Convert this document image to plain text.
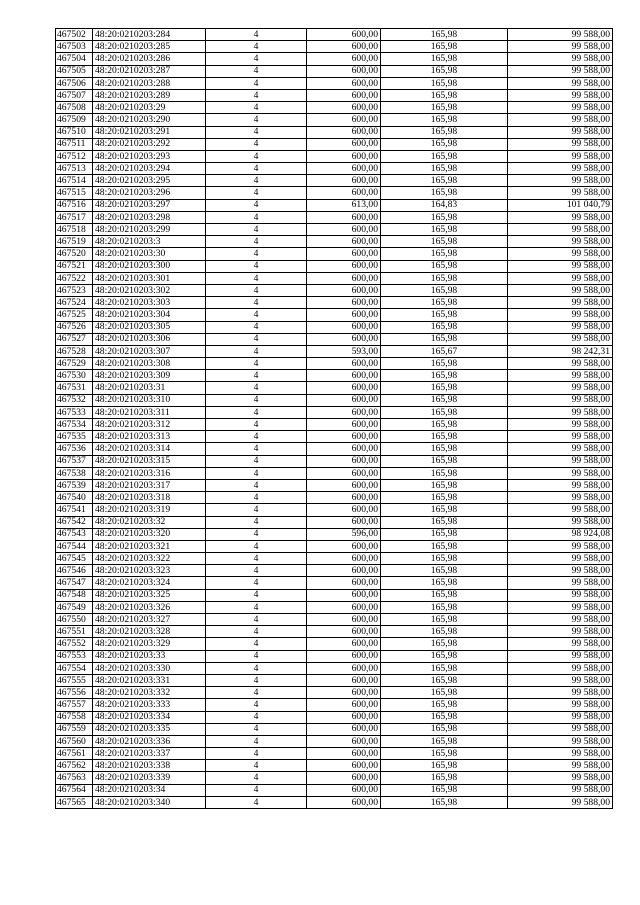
467502	48:20:0210203:284	4	600,00	165,98	99 588,00
467503	48:20:0210203:285	4	600,00	165,98	99 588,00
467504	48:20:0210203:286	4	600,00	165,98	99 588,00
467505	48:20:0210203:287	4	600,00	165,98	99 588,00
467506	48:20:0210203:288	4	600,00	165,98	99 588,00
467507	48:20:0210203:289	4	600,00	165,98	99 588,00
467508	48:20:0210203:29	4	600,00	165,98	99 588,00
467509	48:20:0210203:290	4	600,00	165,98	99 588,00
467510	48:20:0210203:291	4	600,00	165,98	99 588,00
467511	48:20:0210203:292	4	600,00	165,98	99 588,00
467512	48:20:0210203:293	4	600,00	165,98	99 588,00
467513	48:20:0210203:294	4	600,00	165,98	99 588,00
467514	48:20:0210203:295	4	600,00	165,98	99 588,00
467515	48:20:0210203:296	4	600,00	165,98	99 588,00
467516	48:20:0210203:297	4	613,00	164,83	101 040,79
467517	48:20:0210203:298	4	600,00	165,98	99 588,00
467518	48:20:0210203:299	4	600,00	165,98	99 588,00
467519	48:20:0210203:3	4	600,00	165,98	99 588,00
467520	48:20:0210203:30	4	600,00	165,98	99 588,00
467521	48:20:0210203:300	4	600,00	165,98	99 588,00
467522	48:20:0210203:301	4	600,00	165,98	99 588,00
467523	48:20:0210203:302	4	600,00	165,98	99 588,00
467524	48:20:0210203:303	4	600,00	165,98	99 588,00
467525	48:20:0210203:304	4	600,00	165,98	99 588,00
467526	48:20:0210203:305	4	600,00	165,98	99 588,00
467527	48:20:0210203:306	4	600,00	165,98	99 588,00
467528	48:20:0210203:307	4	593,00	165,67	98 242,31
467529	48:20:0210203:308	4	600,00	165,98	99 588,00
467530	48:20:0210203:309	4	600,00	165,98	99 588,00
467531	48:20:0210203:31	4	600,00	165,98	99 588,00
467532	48:20:0210203:310	4	600,00	165,98	99 588,00
467533	48:20:0210203:311	4	600,00	165,98	99 588,00
467534	48:20:0210203:312	4	600,00	165,98	99 588,00
467535	48:20:0210203:313	4	600,00	165,98	99 588,00
467536	48:20:0210203:314	4	600,00	165,98	99 588,00
467537	48:20:0210203:315	4	600,00	165,98	99 588,00
467538	48:20:0210203:316	4	600,00	165,98	99 588,00
467539	48:20:0210203:317	4	600,00	165,98	99 588,00
467540	48:20:0210203:318	4	600,00	165,98	99 588,00
467541	48:20:0210203:319	4	600,00	165,98	99 588,00
467542	48:20:0210203:32	4	600,00	165,98	99 588,00
467543	48:20:0210203:320	4	596,00	165,98	98 924,08
467544	48:20:0210203:321	4	600,00	165,98	99 588,00
467545	48:20:0210203:322	4	600,00	165,98	99 588,00
467546	48:20:0210203:323	4	600,00	165,98	99 588,00
467547	48:20:0210203:324	4	600,00	165,98	99 588,00
467548	48:20:0210203:325	4	600,00	165,98	99 588,00
467549	48:20:0210203:326	4	600,00	165,98	99 588,00
467550	48:20:0210203:327	4	600,00	165,98	99 588,00
467551	48:20:0210203:328	4	600,00	165,98	99 588,00
467552	48:20:0210203:329	4	600,00	165,98	99 588,00
467553	48:20:0210203:33	4	600,00	165,98	99 588,00
467554	48:20:0210203:330	4	600,00	165,98	99 588,00
467555	48:20:0210203:331	4	600,00	165,98	99 588,00
467556	48:20:0210203:332	4	600,00	165,98	99 588,00
467557	48:20:0210203:333	4	600,00	165,98	99 588,00
467558	48:20:0210203:334	4	600,00	165,98	99 588,00
467559	48:20:0210203:335	4	600,00	165,98	99 588,00
467560	48:20:0210203:336	4	600,00	165,98	99 588,00
467561	48:20:0210203:337	4	600,00	165,98	99 588,00
467562	48:20:0210203:338	4	600,00	165,98	99 588,00
467563	48:20:0210203:339	4	600,00	165,98	99 588,00
467564	48:20:0210203:34	4	600,00	165,98	99 588,00
467565	48:20:0210203:340	4	600,00	165,98	99 588,00
